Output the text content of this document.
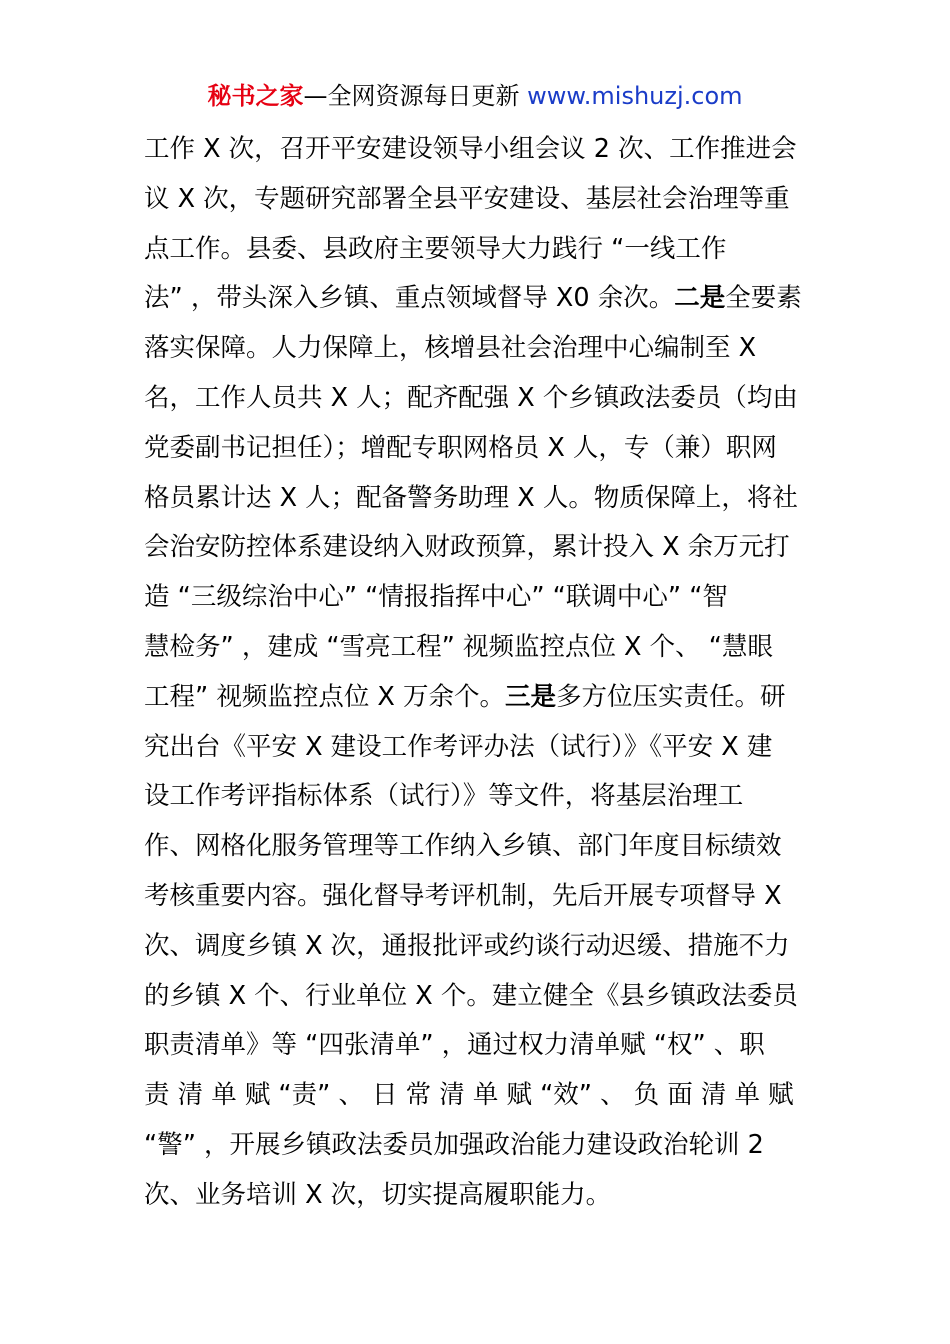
秘书之家—全网资源每日更新 www.mishuzj.com
工作 X 次，召开平安建设领导小组会议 2 次、工作推进会
议 X 次，专题研究部署全县平安建设、基层社会治理等重
点工作。县委、县政府主要领导大力践行 “一线工作
法” ，带头深入乡镇、重点领域督导 X0 余次。二是全要素
落实保障。人力保障上，核增县社会治理中心编制至 X
名，工作人员共 X 人；配齐配强 X 个乡镇政法委员（均由
党委副书记担任）；增配专职网格员 X 人，专（兼）职网
格员累计达 X 人；配备警务助理 X 人。物质保障上，将社
会治安防控体系建设纳入财政预算，累计投入 X 余万元打
造 “三级综治中心” “情报指挥中心” “联调中心” “智
慧检务” ，建成 “雪亮工程” 视频监控点位 X 个、 “慧眼
工程” 视频监控点位 X 万余个。三是多方位压实责任。研
究出台《平安 X 建设工作考评办法（试行）》《平安 X 建
设工作考评指标体系（试行）》等文件，将基层治理工
作、网格化服务管理等工作纳入乡镇、部门年度目标绩效
考核重要内容。强化督导考评机制，先后开展专项督导 X
次、调度乡镇 X 次，通报批评或约谈行动迟缓、措施不力
的乡镇 X 个、行业单位 X 个。建立健全《县乡镇政法委员
职责清单》等 “四张清单” ，通过权力清单赋 “权” 、职
责 清 单 赋 “责” 、 日 常 清 单 赋 “效” 、 负 面 清 单 赋
“警” ，开展乡镇政法委员加强政治能力建设政治轮训 2
次、业务培训 X 次，切实提高履职能力。
